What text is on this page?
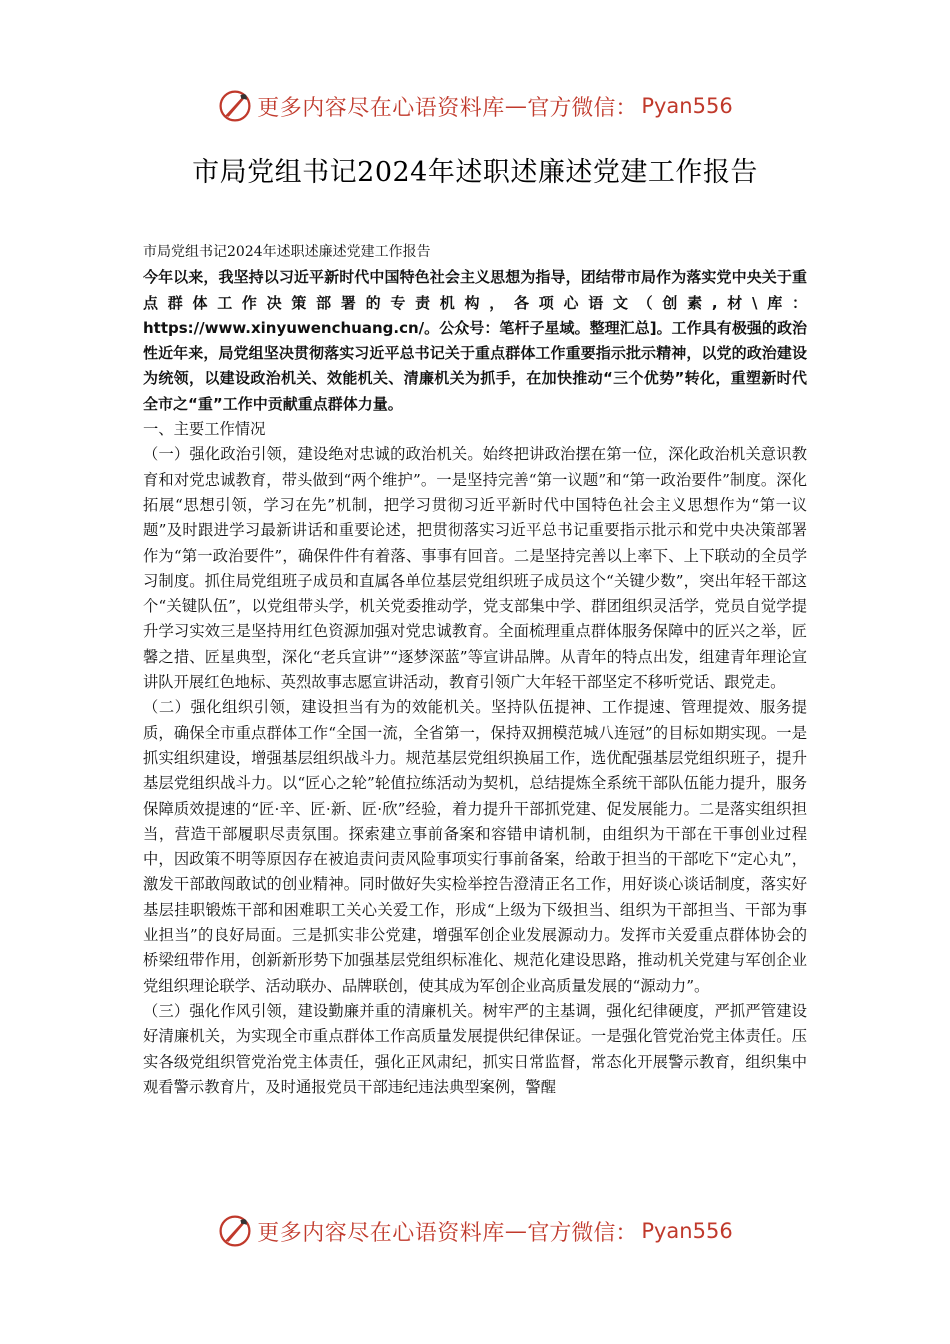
更多内容尽在心语资料库 — 官方微信： Pyan556
市局党组书记2024年述职述廉述党建工作报告

市局党组书记2024年述职述廉述党建工作报告

今年以来，我坚持以习近平新时代中国特色社会主义思想为指导，团结带市局作为落实党中央关于重点群体工作决策部署的专责机构，各项心语文（创素,材\库：https://www.xinyuwenchuang.cn/。公众号：笔杆子星域。整理汇总]。工作具有极强的政治性近年来，局党组坚决贯彻落实习近平总书记关于重点群体工作重要指示批示精神，以党的政治建设为统领，以建设政治机关、效能机关、清廉机关为抓手，在加快推动“三个优势”转化，重塑新时代全市之“重”工作中贡献重点群体力量。

一、主要工作情况

（一）强化政治引领，建设绝对忠诚的政治机关。始终把讲政治摆在第一位，深化政治机关意识教育和对党忠诚教育，带头做到“两个维护”。一是坚持完善“第一议题”和“第一政治要件”制度。深化拓展“思想引领，学习在先”机制，把学习贯彻习近平新时代中国特色社会主义思想作为“第一议题”及时跟进学习最新讲话和重要论述，把贯彻落实习近平总书记重要指示批示和党中央决策部署作为“第一政治要件”，确保件件有着落、事事有回音。二是坚持完善以上率下、上下联动的全员学习制度。抓住局党组班子成员和直属各单位基层党组织班子成员这个“关键少数”，突出年轻干部这个“关键队伍”，以党组带头学，机关党委推动学，党支部集中学、群团组织灵活学，党员自觉学提升学习实效三是坚持用红色资源加强对党忠诚教育。全面梳理重点群体服务保障中的匠兴之举，匠馨之措、匠星典型，深化“老兵宣讲”“逐梦深蓝”等宣讲品牌。从青年的特点出发，组建青年理论宣讲队开展红色地标、英烈故事志愿宣讲活动，教育引领广大年轻干部坚定不移听党话、跟党走。

（二）强化组织引领，建设担当有为的效能机关。坚持队伍提神、工作提速、管理提效、服务提质，确保全市重点群体工作“全国一流，全省第一，保持双拥模范城八连冠”的目标如期实现。一是抓实组织建设，增强基层组织战斗力。规范基层党组织换届工作，选优配强基层党组织班子，提升基层党组织战斗力。以“匠心之轮”轮值拉练活动为契机，总结提炼全系统干部队伍能力提升，服务保障质效提速的“匠·辛、匠·新、匠·欣”经验，着力提升干部抓党建、促发展能力。二是落实组织担当，营造干部履职尽责氛围。探索建立事前备案和容错申请机制，由组织为干部在干事创业过程中，因政策不明等原因存在被追责问责风险事项实行事前备案，给敢于担当的干部吃下“定心丸”，激发干部敢闯敢试的创业精神。同时做好失实检举控告澄清正名工作，用好谈心谈话制度，落实好基层挂职锻炼干部和困难职工关心关爱工作，形成“上级为下级担当、组织为干部担当、干部为事业担当”的良好局面。三是抓实非公党建，增强军创企业发展源动力。发挥市关爱重点群体协会的桥梁纽带作用，创新新形势下加强基层党组织标准化、规范化建设思路，推动机关党建与军创企业党组织理论联学、活动联办、品牌联创，使其成为军创企业高质量发展的“源动力”。

（三）强化作风引领，建设勤廉并重的清廉机关。树牢严的主基调，强化纪律硬度，严抓严管建设好清廉机关，为实现全市重点群体工作高质量发展提供纪律保证。一是强化管党治党主体责任。压实各级党组织管党治党主体责任，强化正风肃纪，抓实日常监督，常态化开展警示教育，组织集中观看警示教育片，及时通报党员干部违纪违法典型案例，警醒

更多内容尽在心语资料库 — 官方微信： Pyan556
